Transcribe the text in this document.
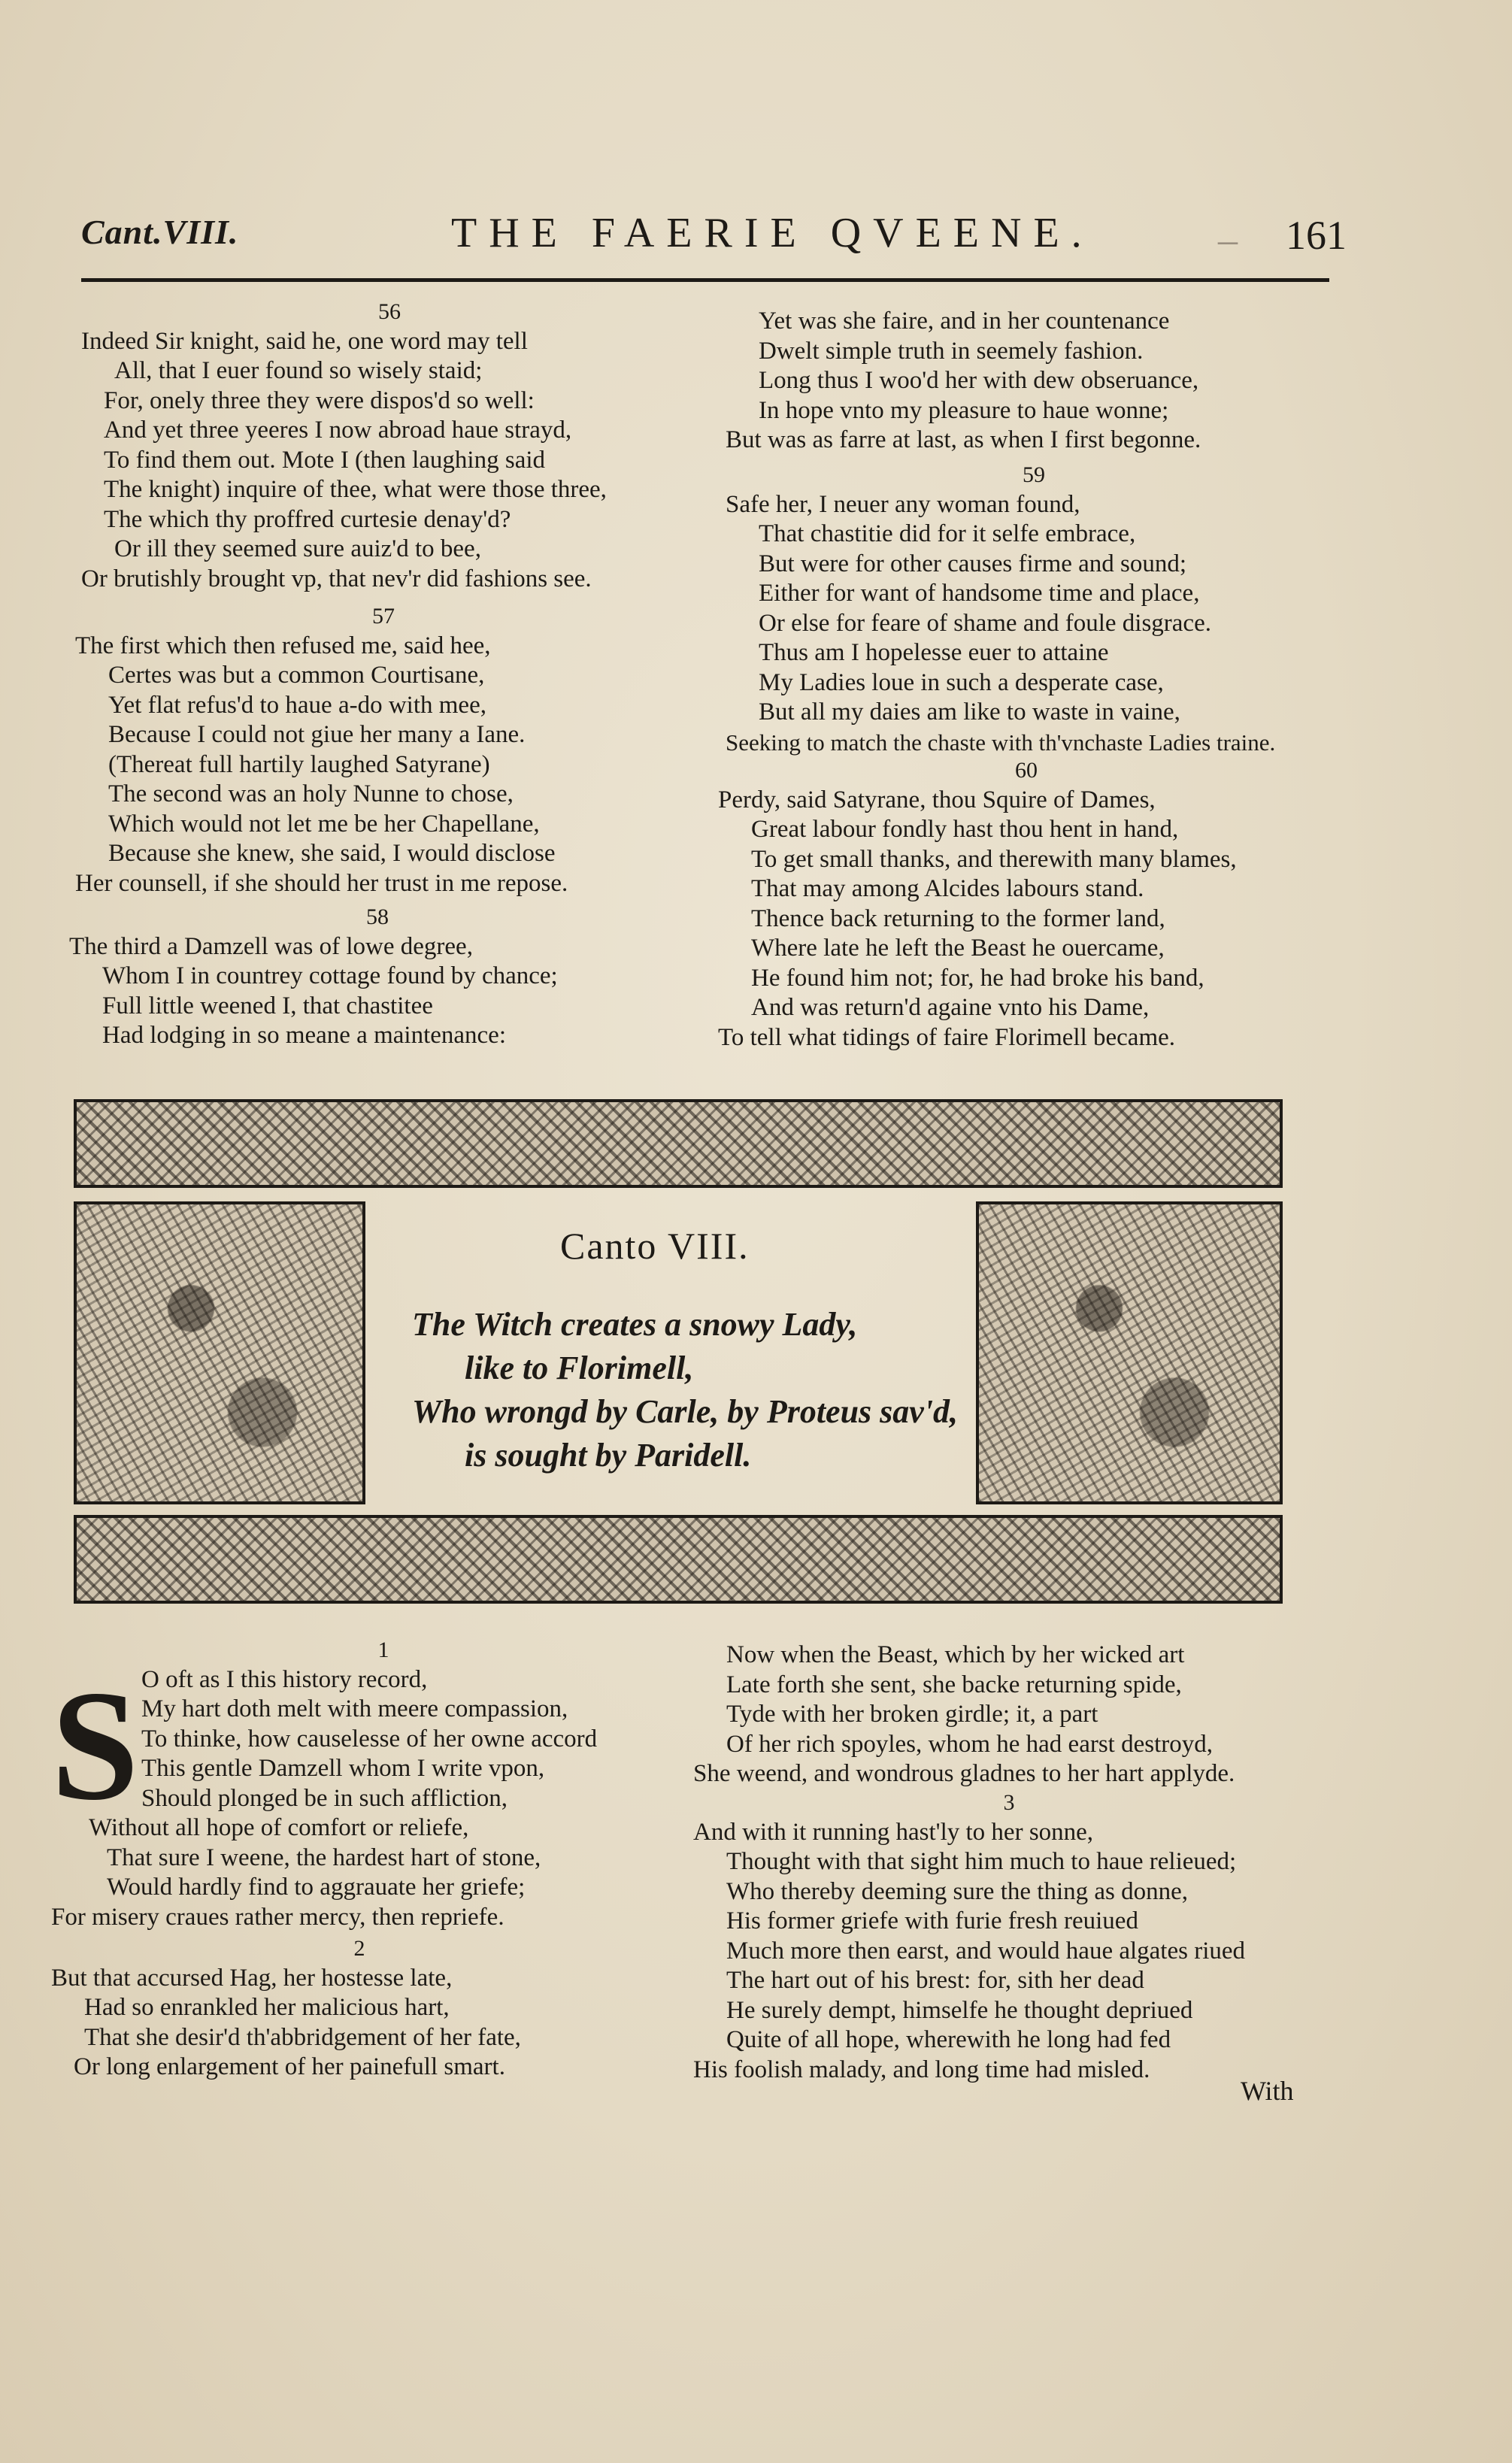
Cant.VIII.	THE FAERIE QVEENE.	– 161
56
Indeed Sir knight, said he, one word may tell
All, that I euer found so wisely staid;
For, onely three they were dispos'd so well:
And yet three yeeres I now abroad haue strayd,
To find them out. Mote I (then laughing said
The knight) inquire of thee, what were those three,
The which thy proffred curtesie denay'd?
Or ill they seemed sure auiz'd to bee,
Or brutishly brought vp, that nev'r did fashions see.
57
The first which then refused me, said hee,
Certes was but a common Courtisane,
Yet flat refus'd to haue a-do with mee,
Because I could not giue her many a Iane.
(Thereat full hartily laughed Satyrane)
The second was an holy Nunne to chose,
Which would not let me be her Chapellane,
Because she knew, she said, I would disclose
Her counsell, if she should her trust in me repose.
58
The third a Damzell was of lowe degree,
Whom I in countrey cottage found by chance;
Full little weened I, that chastitee
Had lodging in so meane a maintenance:
Yet was she faire, and in her countenance
Dwelt simple truth in seemely fashion.
Long thus I woo'd her with dew obseruance,
In hope vnto my pleasure to haue wonne;
But was as farre at last, as when I first begonne.
59
Safe her, I neuer any woman found,
That chastitie did for it selfe embrace,
But were for other causes firme and sound;
Either for want of handsome time and place,
Or else for feare of shame and foule disgrace.
Thus am I hopelesse euer to attaine
My Ladies loue in such a desperate case,
But all my daies am like to waste in vaine,
Seeking to match the chaste with th'vnchaste Ladies traine.
60
Perdy, said Satyrane, thou Squire of Dames,
Great labour fondly hast thou hent in hand,
To get small thanks, and therewith many blames,
That may among Alcides labours stand.
Thence back returning to the former land,
Where late he left the Beast he ouercame,
He found him not; for, he had broke his band,
And was return'd againe vnto his Dame,
To tell what tidings of faire Florimell became.
Canto VIII.
The Witch creates a snowy Lady,
like to Florimell,
Who wrongd by Carle, by Proteus sav'd,
is sought by Paridell.
S
1
O oft as I this history record,
My hart doth melt with meere compassion,
To thinke, how causelesse of her owne accord
This gentle Damzell whom I write vpon,
Should plonged be in such affliction,
Without all hope of comfort or reliefe,
That sure I weene, the hardest hart of stone,
Would hardly find to aggrauate her griefe;
For misery craues rather mercy, then repriefe.
2
But that accursed Hag, her hostesse late,
Had so enrankled her malicious hart,
That she desir'd th'abbridgement of her fate,
Or long enlargement of her painefull smart.
Now when the Beast, which by her wicked art
Late forth she sent, she backe returning spide,
Tyde with her broken girdle; it, a part
Of her rich spoyles, whom he had earst destroyd,
She weend, and wondrous gladnes to her hart applyde.
3
And with it running hast'ly to her sonne,
Thought with that sight him much to haue relieued;
Who thereby deeming sure the thing as donne,
His former griefe with furie fresh reuiued
Much more then earst, and would haue algates riued
The hart out of his brest: for, sith her dead
He surely dempt, himselfe he thought depriued
Quite of all hope, wherewith he long had fed
His foolish malady, and long time had misled.
With
